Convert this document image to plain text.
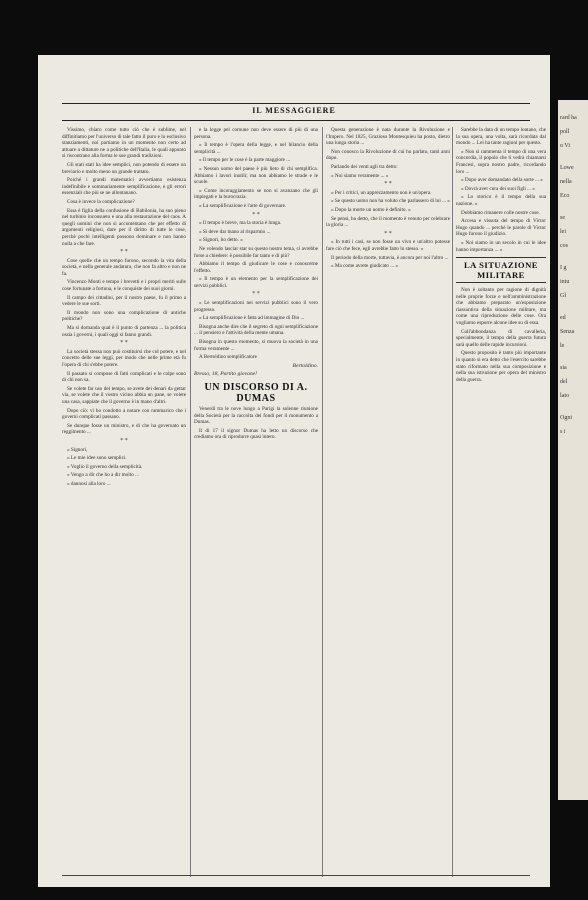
IL MESSAGGIERE

Vissimo, chiaro come tutto ciò che è sublime, nel diffinitiamo per l'universo di tale fatto il puro e lo esclusivo stanziamenti, noi partiamo in un momento non certo ad attuare a dittature ne a politiche dell'Italia, le quali appunto si riscontrano alla forma le sue grandi tradizioni.

Gli stati stati ha idee semplici, non potendo di essere un breviario e molto meno un grande trattato.

Poiché i grandi matematici avvertiamo esistenza indefinibile e sommariamente semplificazione, e gli errori essenziali che più se ne allontanano.

Cosa è invece la complicazione?

Essa è figlia della confusione di Babilonia, ha suo pieno nel turbinio inconsueto e una alla restaurazione del caos. A quegli uomini che non si accontentano che per effetto di argomenti religiosi, dare per il diritto di tutte le cose, perchè pochi intelligenti possono dominare e non hanno nulla a che fare.

* *

Cose quelle che un tempo furono, secondo la vita della società, e nella generale andatura, che non fa altro e non ne fa.

Vincenzo Monti e tempo i brevetti e i propri meriti sulle cose fortunate a fortuna, e le conquiste dei suoi giorni.

Il campo dei cittadini, per il nostro paese, fu il primo a vedere le sue sorti.

Il mondo non sono una complicazione di antiche politiche?

Ma si domanda qual è il punto di partenza ... la politica ossia i governi, i quali oggi si fanno grandi.

* *

La società stessa non può costituirsi che col potere, e nel concetto delle sue leggi, per modo che nelle prime età fu l'opera di chi s'ebbe potere.

Il passato si compose di fatti complicati e le colpe sono di chi non sa.

Se volete far uso del tempo, se avete dei denari da gettar via, se volete che il vostro vicino abbia un pane, se volete una casa, sappiate che il governo è in mano d'altri.

Dopo ciò: vi ho condotto a notare con rammarico che i governi complicati passano.

Se dunque fosse un ministro, e di che ha governato un reggimento ...

* *

« Signori,

« Le mie idee sono semplici.

« Voglio il governo della semplicità.

« Vengo a dir che ho a dir molto ...

« dannosi alla loro ...

e la legge pel comune non deve essere di più di una persona.

« Il tempo è l'opera della legge, e nel bilancio della semplicità ...

« Il tempo per le cose è la parte maggiore ...

« Nessun uomo del paese è più lieto di chi semplifica. Abbiamo i lavori inutili; ma non abbiamo le strade e le scuole.

« Come incoraggiamento se non si avanzano che gli impiegati e la burocrazia.

« La semplificazione è l'arte di governare.

* *

« Il tempo è breve, ma la storia è lunga.

« Si deve dar mano al risparmio ...

« Signori, ho detto. »

Ne volendo lasciar star su questo nostro tema, ci avrebbe forse a chiedere: è possibile far tanto e di più?

Abbiamo il tempo di giudicare le cose e conoscerne l'effetto.

« Il tempo è un elemento per la semplificazione dei servizi pubblici.

* *

« Le semplificazioni nei servizi pubblici sono il vero progresso.

« La semplificazione è fatta ad immagine di Dio ...

Bisogna anche dire che il segreto di ogni semplificazione ... il pensiero e l'attività della mente umana.

Bisogna in questo momento, si muova la società in una forma veramente ...

A Bertoldino semplificatore

Bertoldino.
Bresso, 18, Partito giovane!
UN DISCORSO DI A. DUMAS

Venerdì tra le nove lungo a Parigi la solenne riunione della Società per la raccolta dei fondi per il monumento a Dumas.

Il di 17 il signor Dumas ha letto un discorso che crediamo ora di riprodurre quasi intero.

Questa generazione è nata durante la Rivoluzione e l'Impero. Nel 1825, Grazioso Montesquieu ha posto, dietro una lunga storia ...

Non conosco la Rivoluzione di cui ho parlato, tanti anni dopo.

Parlando dei venti agli tra detto:

« Noi siamo veramente ... »

* *

« Per i critici, un apprezzamento non è un'opera.

« Se questo uomo non ha voluto che parlassero di lui ... »

« Dopo la morte un uomo è definito. »

Se pensi, ho detto, che il momento è venuto per celebrare la gloria ...

* *

« In tutti i casi, se non fosse un vivo e un'altro potesse fare ciò che fece, egli avrebbe fatto lo stesso. »

Il periodo della morte, tuttavia, è ancora per noi l'altro ...

« Ma come avrete giudicato ... »

Sarebbe la data di un tempo lontano, che la sua opera, una volta, sarà ricordata dal mondo ... Lei ha tante ragioni per questo.

« Non si rammenta il tempo di una vera concordia, il popolo che li vedrà chiamarsi Francesi, sopra nostro padre, ricordando loro ...

« Dopo aver domandato della sorte ... »

« Dovrà aver cura dei suoi figli ... »

« Lo storico è il tempo della sua nazione. »

Dobbiamo rimanere colle nostre cose.

Accesa e vissuta del tempo di Victor Hugo quando ... perché le parole di Victor Hugo furono il giudizio.

« Noi siamo in un secolo in cui le idee hanno importanza ... »

LA SITUAZIONE MILITARE

Non è soltanto per ragione di dignità nelle proprie forze e nell'amministrazione che abbiamo preparato un'esposizione riassuntiva della situazione militare, ma come una riproduzione delle cose. Ora vogliamo esporre alcune idee su di essa.

Coll'abbondanza di cavalleria, specialmente, il tempo della guerra futura sarà quello delle rapide incursioni.

Questo proposito è tanto più importante in quanto si era detto che l'esercito sarebbe stato riformato nella sua composizione e nella sua istruzione per opera del ministro della guerra.

rard ha
poll
o Vi
Lowe
nella
Eco
se
lei
cos
I g
intu
Gl
ed
Senza
le
sia
del
lato
Ogni
s i
